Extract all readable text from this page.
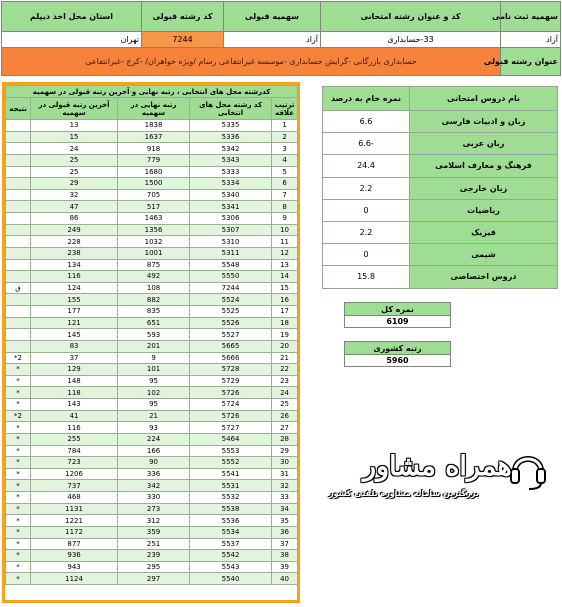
سهمیه ثبت نامی	کد و عنوان رشته امتحانی	سهمیه قبولی	کد رشته قبولی	استان محل اخذ دیپلم
آزاد	33-حسابداری	آزاد	7244	تهران
عنوان رشته قبولی	حسابداری بازرگانی -گرایش حسابداری -موسسه غیرانتفاعی رسام /ویژه خواهران/ -کرج -غیرانتفاعی			
کدرشته محل های انتخابی ، رتبه نهایی و آخرین رتبه قبولی در سهمیه				
ترتیب علاقه	کد رشته محل های انتخابی	رتبه نهایی در سهمیه	آخرین رتبه قبولی در سهمیه	نتیجه
1	5335	1838	13	
2	5336	1637	15	
3	5342	918	24	
4	5343	779	25	
5	5333	1680	25	
6	5334	1500	29	
7	5340	705	32	
8	5341	517	47	
9	5306	1463	86	
10	5307	1356	249	
11	5310	1032	228	
12	5311	1001	238	
13	5548	875	134	
14	5550	492	116	
15	7244	108	124	ق
16	5524	882	155	
17	5525	835	177	
18	5526	651	121	
19	5527	593	145	
20	5665	201	83	
21	5666	9	37	2*
22	5728	101	129	*
23	5729	95	148	*
24	5726	102	118	*
25	5724	95	143	*
26	5726	21	41	2*
27	5727	93	116	*
28	5464	224	255	*
29	5553	166	784	*
30	5552	90	723	*
31	5541	336	1206	*
32	5531	342	737	*
33	5532	330	468	*
34	5538	273	1131	*
35	5536	312	1221	*
36	5534	359	1172	*
37	5537	251	877	*
38	5542	239	936	*
39	5543	295	943	*
40	5540	297	1124	*
نام دروس امتحانی	نمره خام به درصد
زبان و ادبیات فارسی	6.6
زبان عربی	-6.6
فرهنگ و معارف اسلامی	24.4
زبان خارجی	2.2
ریاضیات	0
فیزیک	2.2
شیمی	0
دروس اختصاصی	15.8
نمره کل
6109
رتبه کشوری
5960
همراه مشاور
بزرگترین سامانه مشاوره تلفنی کشور
